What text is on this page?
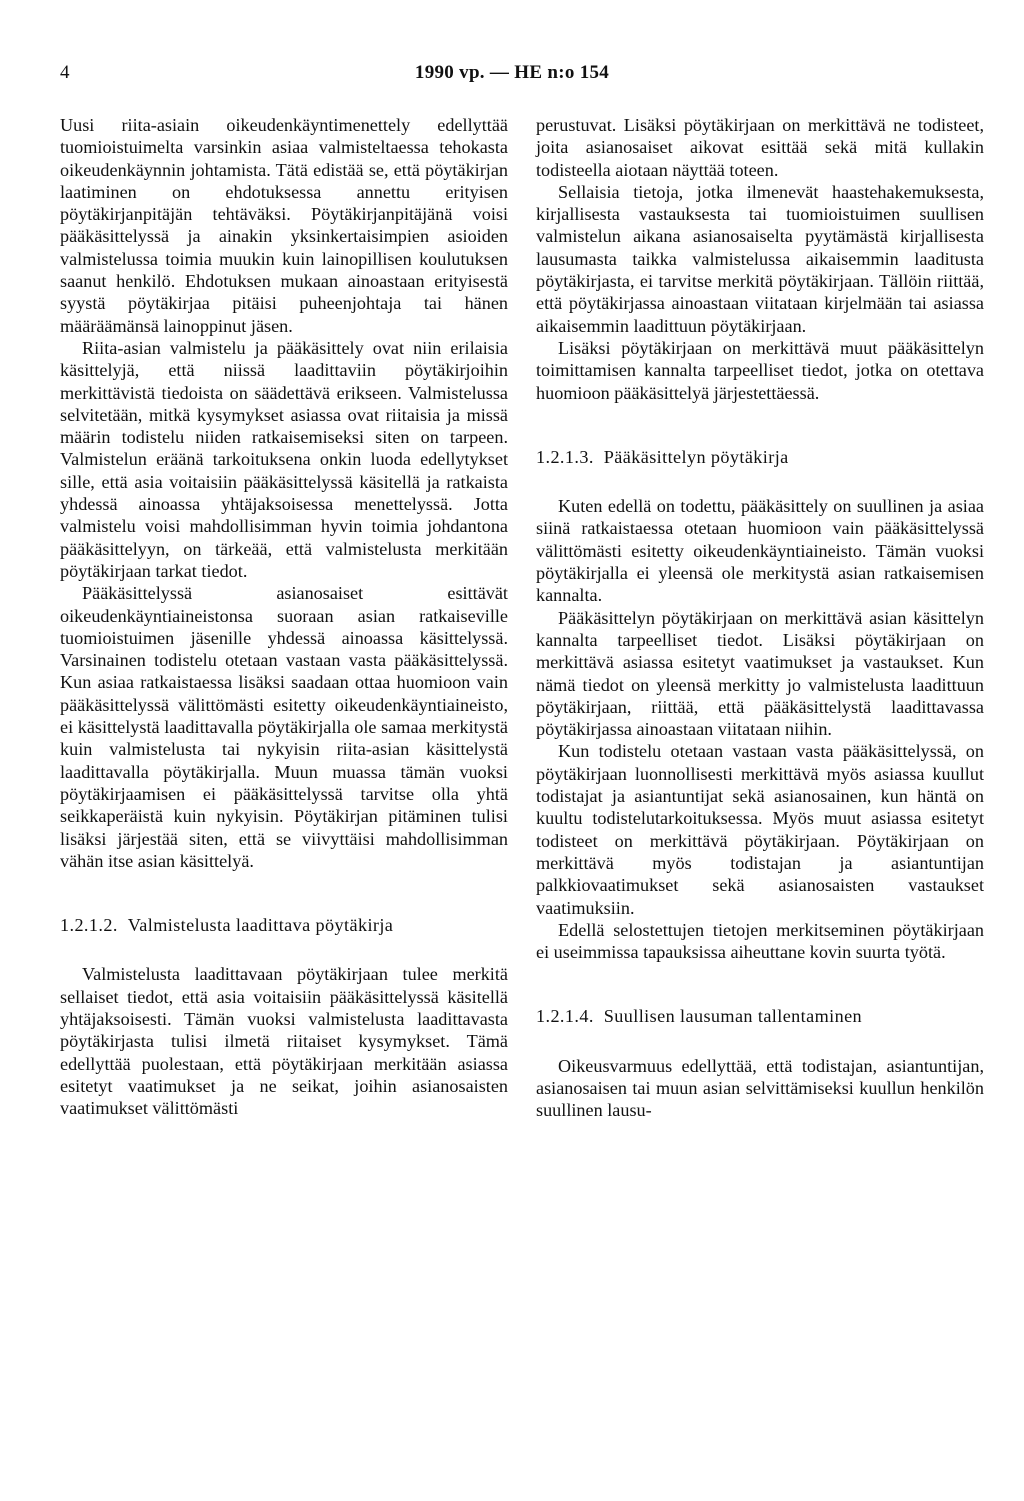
4	1990 vp. — HE n:o 154

Uusi riita-asiain oikeudenkäyntimenettely edellyttää tuomioistuimelta varsinkin asiaa valmisteltaessa tehokasta oikeudenkäynnin johtamista. Tätä edistää se, että pöytäkirjan laatiminen on ehdotuksessa annettu erityisen pöytäkirjanpitäjän tehtäväksi. Pöytäkirjanpitäjänä voisi pääkäsittelyssä ja ainakin yksinkertaisimpien asioiden valmistelussa toimia muukin kuin lainopillisen koulutuksen saanut henkilö. Ehdotuksen mukaan ainoastaan erityisestä syystä pöytäkirjaa pitäisi puheenjohtaja tai hänen määräämänsä lainoppinut jäsen.

Riita-asian valmistelu ja pääkäsittely ovat niin erilaisia käsittelyjä, että niissä laadittaviin pöytäkirjoihin merkittävistä tiedoista on säädettävä erikseen. Valmistelussa selvitetään, mitkä kysymykset asiassa ovat riitaisia ja missä määrin todistelu niiden ratkaisemiseksi siten on tarpeen. Valmistelun eräänä tarkoituksena onkin luoda edellytykset sille, että asia voitaisiin pääkäsittelyssä käsitellä ja ratkaista yhdessä ainoassa yhtäjaksoisessa menettelyssä. Jotta valmistelu voisi mahdollisimman hyvin toimia johdantona pääkäsittelyyn, on tärkeää, että valmistelusta merkitään pöytäkirjaan tarkat tiedot.

Pääkäsittelyssä asianosaiset esittävät oikeudenkäyntiaineistonsa suoraan asian ratkaiseville tuomioistuimen jäsenille yhdessä ainoassa käsittelyssä. Varsinainen todistelu otetaan vastaan vasta pääkäsittelyssä. Kun asiaa ratkaistaessa lisäksi saadaan ottaa huomioon vain pääkäsittelyssä välittömästi esitetty oikeudenkäyntiaineisto, ei käsittelystä laadittavalla pöytäkirjalla ole samaa merkitystä kuin valmistelusta tai nykyisin riita-asian käsittelystä laadittavalla pöytäkirjalla. Muun muassa tämän vuoksi pöytäkirjaamisen ei pääkäsittelyssä tarvitse olla yhtä seikkaperäistä kuin nykyisin. Pöytäkirjan pitäminen tulisi lisäksi järjestää siten, että se viivyttäisi mahdollisimman vähän itse asian käsittelyä.

1.2.1.2. Valmistelusta laadittava pöytäkirja

Valmistelusta laadittavaan pöytäkirjaan tulee merkitä sellaiset tiedot, että asia voitaisiin pääkäsittelyssä käsitellä yhtäjaksoisesti. Tämän vuoksi valmistelusta laadittavasta pöytäkirjasta tulisi ilmetä riitaiset kysymykset. Tämä edellyttää puolestaan, että pöytäkirjaan merkitään asiassa esitetyt vaatimukset ja ne seikat, joihin asianosaisten vaatimukset välittömästi

perustuvat. Lisäksi pöytäkirjaan on merkittävä ne todisteet, joita asianosaiset aikovat esittää sekä mitä kullakin todisteella aiotaan näyttää toteen.

Sellaisia tietoja, jotka ilmenevät haastehakemuksesta, kirjallisesta vastauksesta tai tuomioistuimen suullisen valmistelun aikana asianosaiselta pyytämästä kirjallisesta lausumasta taikka valmistelussa aikaisemmin laaditusta pöytäkirjasta, ei tarvitse merkitä pöytäkirjaan. Tällöin riittää, että pöytäkirjassa ainoastaan viitataan kirjelmään tai asiassa aikaisemmin laadittuun pöytäkirjaan.

Lisäksi pöytäkirjaan on merkittävä muut pääkäsittelyn toimittamisen kannalta tarpeelliset tiedot, jotka on otettava huomioon pääkäsittelyä järjestettäessä.

1.2.1.3. Pääkäsittelyn pöytäkirja

Kuten edellä on todettu, pääkäsittely on suullinen ja asiaa siinä ratkaistaessa otetaan huomioon vain pääkäsittelyssä välittömästi esitetty oikeudenkäyntiaineisto. Tämän vuoksi pöytäkirjalla ei yleensä ole merkitystä asian ratkaisemisen kannalta.

Pääkäsittelyn pöytäkirjaan on merkittävä asian käsittelyn kannalta tarpeelliset tiedot. Lisäksi pöytäkirjaan on merkittävä asiassa esitetyt vaatimukset ja vastaukset. Kun nämä tiedot on yleensä merkitty jo valmistelusta laadittuun pöytäkirjaan, riittää, että pääkäsittelystä laadittavassa pöytäkirjassa ainoastaan viitataan niihin.

Kun todistelu otetaan vastaan vasta pääkäsittelyssä, on pöytäkirjaan luonnollisesti merkittävä myös asiassa kuullut todistajat ja asiantuntijat sekä asianosainen, kun häntä on kuultu todistelutarkoituksessa. Myös muut asiassa esitetyt todisteet on merkittävä pöytäkirjaan. Pöytäkirjaan on merkittävä myös todistajan ja asiantuntijan palkkiovaatimukset sekä asianosaisten vastaukset vaatimuksiin.

Edellä selostettujen tietojen merkitseminen pöytäkirjaan ei useimmissa tapauksissa aiheuttane kovin suurta työtä.

1.2.1.4. Suullisen lausuman tallentaminen

Oikeusvarmuus edellyttää, että todistajan, asiantuntijan, asianosaisen tai muun asian selvittämiseksi kuullun henkilön suullinen lausu-
